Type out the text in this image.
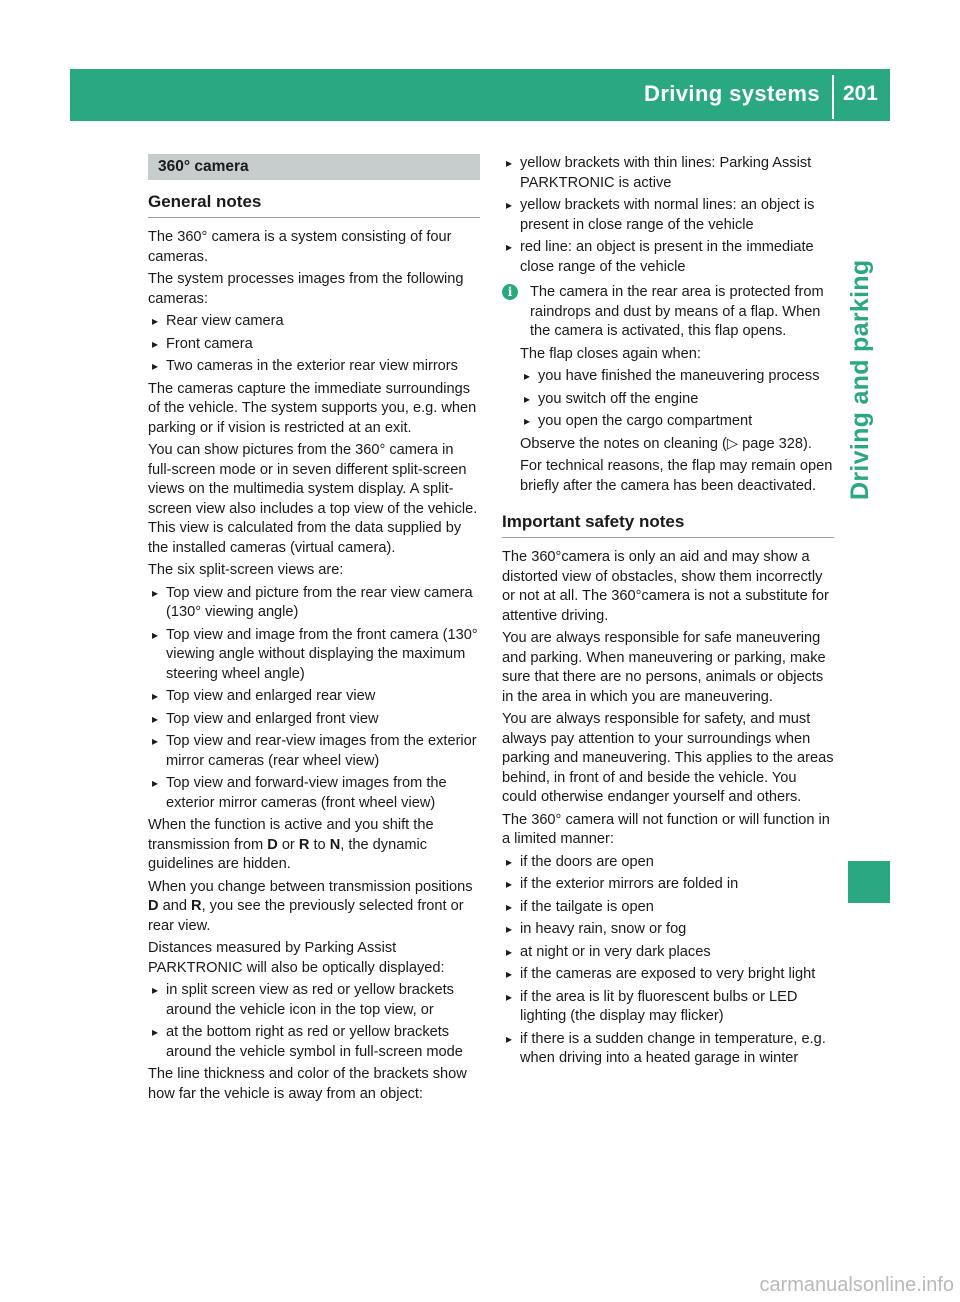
Driving systems 201
Driving and parking
360° camera
General notes

The 360° camera is a system consisting of four cameras.

The system processes images from the following cameras:

▸ Rear view camera
▸ Front camera
▸ Two cameras in the exterior rear view mirrors

The cameras capture the immediate surroundings of the vehicle. The system supports you, e.g. when parking or if vision is restricted at an exit.

You can show pictures from the 360° camera in full-screen mode or in seven different split-screen views on the multimedia system display. A split-screen view also includes a top view of the vehicle. This view is calculated from the data supplied by the installed cameras (virtual camera).

The six split-screen views are:

▸ Top view and picture from the rear view camera (130° viewing angle)
▸ Top view and image from the front camera (130° viewing angle without displaying the maximum steering wheel angle)
▸ Top view and enlarged rear view
▸ Top view and enlarged front view
▸ Top view and rear-view images from the exterior mirror cameras (rear wheel view)
▸ Top view and forward-view images from the exterior mirror cameras (front wheel view)

When the function is active and you shift the transmission from D or R to N, the dynamic guidelines are hidden.

When you change between transmission positions D and R, you see the previously selected front or rear view.

Distances measured by Parking Assist PARKTRONIC will also be optically displayed:

▸ in split screen view as red or yellow brackets around the vehicle icon in the top view, or
▸ at the bottom right as red or yellow brackets around the vehicle symbol in full-screen mode

The line thickness and color of the brackets show how far the vehicle is away from an object:

▸ yellow brackets with thin lines: Parking Assist PARKTRONIC is active
▸ yellow brackets with normal lines: an object is present in close range of the vehicle
▸ red line: an object is present in the immediate close range of the vehicle
i	The camera in the rear area is protected from raindrops and dust by means of a flap. When the camera is activated, this flap opens.

The flap closes again when:

▸ you have finished the maneuvering process
▸ you switch off the engine
▸ you open the cargo compartment

Observe the notes on cleaning (▷ page 328).

For technical reasons, the flap may remain open briefly after the camera has been deactivated.

Important safety notes

The 360°camera is only an aid and may show a distorted view of obstacles, show them incorrectly or not at all. The 360°camera is not a substitute for attentive driving.

You are always responsible for safe maneuvering and parking. When maneuvering or parking, make sure that there are no persons, animals or objects in the area in which you are maneuvering.

You are always responsible for safety, and must always pay attention to your surroundings when parking and maneuvering. This applies to the areas behind, in front of and beside the vehicle. You could otherwise endanger yourself and others.

The 360° camera will not function or will function in a limited manner:

▸ if the doors are open
▸ if the exterior mirrors are folded in
▸ if the tailgate is open
▸ in heavy rain, snow or fog
▸ at night or in very dark places
▸ if the cameras are exposed to very bright light
▸ if the area is lit by fluorescent bulbs or LED lighting (the display may flicker)
▸ if there is a sudden change in temperature, e.g. when driving into a heated garage in winter
carmanualsonline.info
